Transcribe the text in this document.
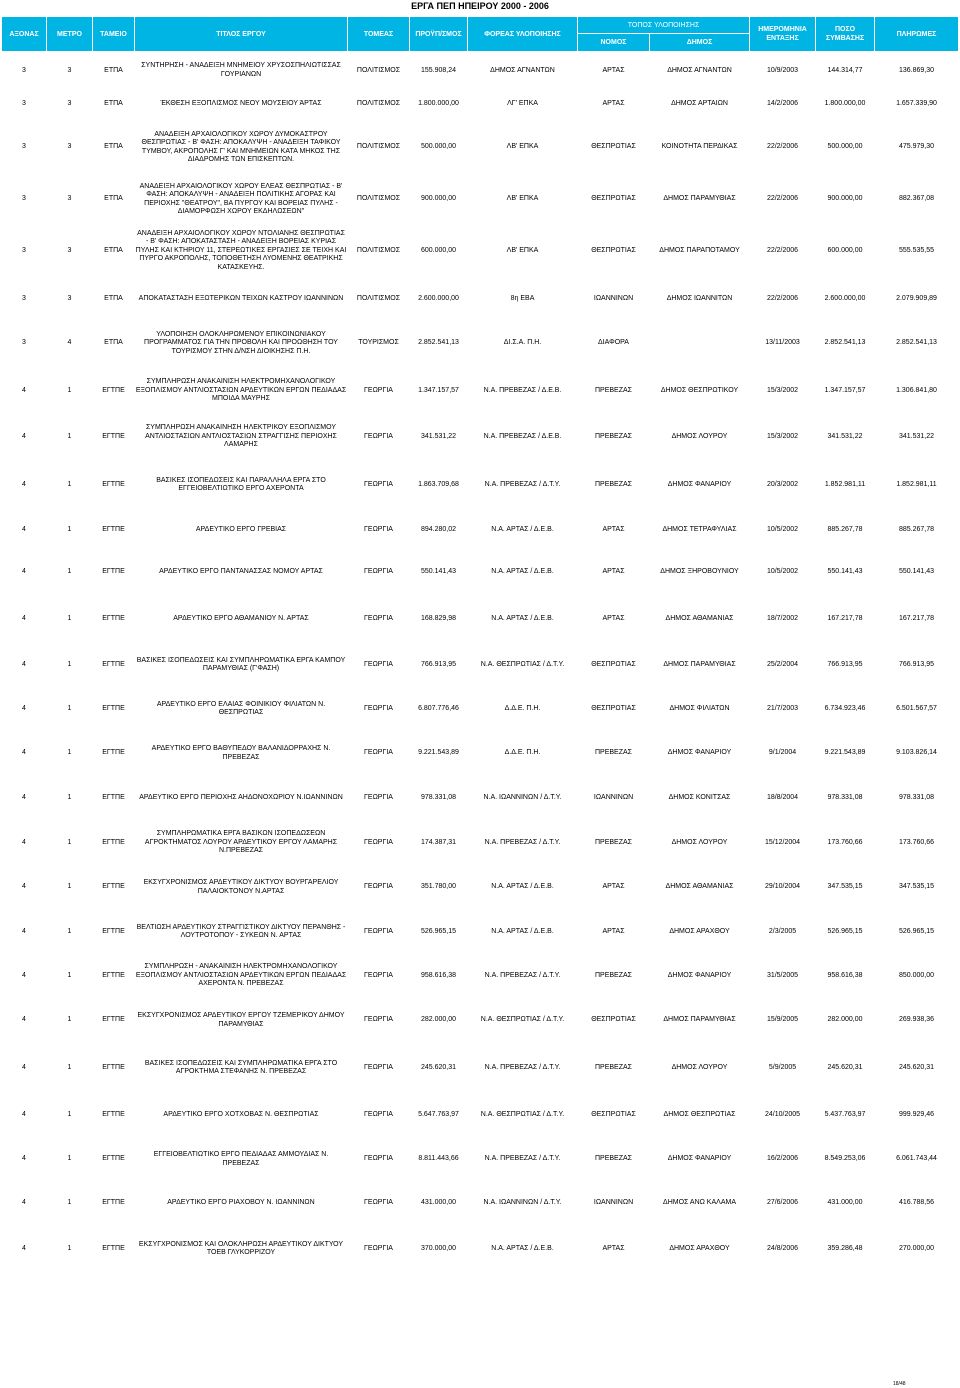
ΕΡΓΑ ΠΕΠ ΗΠΕΙΡΟΥ 2000 - 2006
ΑΞΟΝΑΣ	ΜΕΤΡΟ	ΤΑΜΕΙΟ	ΤΙΤΛΟΣ ΕΡΓΟΥ	ΤΟΜΕΑΣ	ΠΡΟΫΠ/ΣΜΟΣ	ΦΟΡΕΑΣ ΥΛΟΠΟΙΗΣΗΣ	ΤΟΠΟΣ ΥΛΟΠΟΙΗΣΗΣ		ΗΜΕΡΟΜΗΝΙΑ ΕΝΤΑΞΗΣ	ΠΟΣΟ ΣΥΜΒΑΣΗΣ	ΠΛΗΡΩΜΕΣ
							ΝΟΜΟΣ	ΔΗΜΟΣ			
3	3	ΕΤΠΑ	ΣΥΝΤΗΡΗΣΗ - ΑΝΑΔΕΙΞΗ ΜΝΗΜΕΙΟΥ ΧΡΥΣΟΣΠΗΛΙΩΤΙΣΣΑΣ ΓΟΥΡΙΑΝΩΝ	ΠΟΛΙΤΙΣΜΟΣ	155.908,24	ΔΗΜΟΣ ΑΓΝΑΝΤΩΝ	ΑΡΤΑΣ	ΔΗΜΟΣ ΑΓΝΑΝΤΩΝ	10/9/2003	144.314,77	136.869,30
3	3	ΕΤΠΑ	ΈΚΘΕΣΗ ΕΞΟΠΛΙΣΜΟΣ ΝΕΟΥ ΜΟΥΣΕΙΟΥ ΆΡΤΑΣ	ΠΟΛΙΤΙΣΜΟΣ	1.800.000,00	ΛΓ' ΕΠΚΑ	ΑΡΤΑΣ	ΔΗΜΟΣ ΑΡΤΑΙΩΝ	14/2/2006	1.800.000,00	1.657.339,90
3	3	ΕΤΠΑ	ΑΝΑΔΕΙΞΗ ΑΡΧΑΙΟΛΟΓΙΚΟΥ ΧΩΡΟΥ ΔΥΜΟΚΑΣΤΡΟΥ ΘΕΣΠΡΩΤΙΑΣ - Β' ΦΑΣΗ: ΑΠΟΚΑΛΥΨΗ - ΑΝΑΔΕΙΞΗ ΤΑΦΙΚΟΥ ΤΥΜΒΟΥ, ΑΚΡΟΠΟΛΗΣ Γ' ΚΑΙ ΜΝΗΜΕΙΩΝ ΚΑΤΑ ΜΗΚΟΣ ΤΗΣ ΔΙΑΔΡΟΜΗΣ ΤΩΝ ΕΠΙΣΚΕΠΤΩΝ.	ΠΟΛΙΤΙΣΜΟΣ	500.000,00	ΛΒ' ΕΠΚΑ	ΘΕΣΠΡΩΤΙΑΣ	ΚΟΙΝΟΤΗΤΑ ΠΕΡΔΙΚΑΣ	22/2/2006	500.000,00	475.979,30
3	3	ΕΤΠΑ	ΑΝΑΔΕΙΞΗ ΑΡΧΑΙΟΛΟΓΙΚΟΥ ΧΩΡΟΥ ΕΛΕΑΣ ΘΕΣΠΡΩΤΙΑΣ - Β' ΦΑΣΗ: ΑΠΟΚΑΛΥΨΗ - ΑΝΑΔΕΙΞΗ ΠΟΛΙΤΙΚΗΣ ΑΓΟΡΑΣ ΚΑΙ ΠΕΡΙΟΧΗΣ "ΘΕΑΤΡΟΥ", ΒΑ ΠΥΡΓΟΥ ΚΑΙ ΒΟΡΕΙΑΣ ΠΥΛΗΣ - ΔΙΑΜΟΡΦΩΣΗ ΧΩΡΟΥ ΕΚΔΗΛΩΣΕΩΝ"	ΠΟΛΙΤΙΣΜΟΣ	900.000,00	ΛΒ' ΕΠΚΑ	ΘΕΣΠΡΩΤΙΑΣ	ΔΗΜΟΣ ΠΑΡΑΜΥΘΙΑΣ	22/2/2006	900.000,00	882.367,08
3	3	ΕΤΠΑ	ΑΝΑΔΕΙΞΗ ΑΡΧΑΙΟΛΟΓΙΚΟΥ ΧΩΡΟΥ ΝΤΟΛΙΑΝΗΣ ΘΕΣΠΡΩΤΙΑΣ - Β' ΦΑΣΗ: ΑΠΟΚΑΤΑΣΤΑΣΗ - ΑΝΑΔΕΙΞΗ ΒΟΡΕΙΑΣ ΚΥΡΙΑΣ ΠΥΛΗΣ ΚΑΙ ΚΤΗΡΙΟΥ 11, ΣΤΕΡΕΩΤΙΚΕΣ ΕΡΓΑΣΙΕΣ ΣΕ ΤΕΙΧΗ ΚΑΙ ΠΥΡΓΟ ΑΚΡΟΠΟΛΗΣ, ΤΟΠΟΘΕΤΗΣΗ ΛΥΟΜΕΝΗΣ ΘΕΑΤΡΙΚΗΣ ΚΑΤΑΣΚΕΥΗΣ.	ΠΟΛΙΤΙΣΜΟΣ	600.000,00	ΛΒ' ΕΠΚΑ	ΘΕΣΠΡΩΤΙΑΣ	ΔΗΜΟΣ ΠΑΡΑΠΟΤΑΜΟΥ	22/2/2006	600.000,00	555.535,55
3	3	ΕΤΠΑ	ΑΠΟΚΑΤΑΣΤΑΣΗ ΕΞΩΤΕΡΙΚΩΝ ΤΕΙΧΩΝ ΚΑΣΤΡΟΥ ΙΩΑΝΝΙΝΩΝ	ΠΟΛΙΤΙΣΜΟΣ	2.600.000,00	8η ΕΒΑ	ΙΩΑΝΝΙΝΩΝ	ΔΗΜΟΣ ΙΩΑΝΝΙΤΩΝ	22/2/2006	2.600.000,00	2.079.909,89
3	4	ΕΤΠΑ	ΥΛΟΠΟΙΗΣΗ ΟΛΟΚΛΗΡΩΜΕΝΟΥ ΕΠΙΚΟΙΝΩΝΙΑΚΟΥ ΠΡΟΓΡΑΜΜΑΤΟΣ ΓΙΑ ΤΗΝ ΠΡΟΒΟΛΗ ΚΑΙ ΠΡΟΩΘΗΣΗ ΤΟΥ ΤΟΥΡΙΣΜΟΥ ΣΤΗΝ Δ/ΝΣΗ ΔΙΟΙΚΗΣΗΣ Π.Η.	ΤΟΥΡΙΣΜΟΣ	2.852.541,13	ΔΙ.Σ.Α. Π.Η.	ΔΙΑΦΟΡΑ		13/11/2003	2.852.541,13	2.852.541,13
4	1	ΕΓΤΠΕ	ΣΥΜΠΛΗΡΩΣΗ ΑΝΑΚΑΙΝΙΣΗ ΗΛΕΚΤΡΟΜΗΧΑΝΟΛΟΓΙΚΟΥ ΕΞΟΠΛΙΣΜΟΥ ΑΝΤΛΙΟΣΤΑΣΙΩΝ ΑΡΔΕΥΤΙΚΩΝ ΕΡΓΩΝ ΠΕΔΙΑΔΑΣ ΜΠΟΙΔΑ ΜΑΥΡΗΣ	ΓΕΩΡΓΙΑ	1.347.157,57	Ν.Α. ΠΡΕΒΕΖΑΣ / Δ.Ε.Β.	ΠΡΕΒΕΖΑΣ	ΔΗΜΟΣ ΘΕΣΠΡΩΤΙΚΟΥ	15/3/2002	1.347.157,57	1.306.841,80
4	1	ΕΓΤΠΕ	ΣΥΜΠΛΗΡΩΣΗ ΑΝΑΚΑΙΝΗΣΗ ΗΛΕΚΤΡΙΚΟΥ ΕΞΟΠΛΙΣΜΟΥ ΑΝΤΛΙΟΣΤΑΣΙΩΝ ΑΝΤΛΙΟΣΤΑΣΙΩΝ ΣΤΡΑΓΓΙΣΗΣ ΠΕΡΙΟΧΗΣ ΛΑΜΑΡΗΣ	ΓΕΩΡΓΙΑ	341.531,22	Ν.Α. ΠΡΕΒΕΖΑΣ / Δ.Ε.Β.	ΠΡΕΒΕΖΑΣ	ΔΗΜΟΣ ΛΟΥΡΟΥ	15/3/2002	341.531,22	341.531,22
4	1	ΕΓΤΠΕ	ΒΑΣΙΚΕΣ ΙΣΟΠΕΔΩΣΕΙΣ ΚΑΙ ΠΑΡΑΛΛΗΛΑ ΕΡΓΑ ΣΤΟ ΕΓΓΕΙΟΒΕΛΤΙΩΤΙΚΟ ΕΡΓΟ ΑΧΕΡΟΝΤΑ	ΓΕΩΡΓΙΑ	1.863.709,68	Ν.Α. ΠΡΕΒΕΖΑΣ / Δ.Τ.Υ.	ΠΡΕΒΕΖΑΣ	ΔΗΜΟΣ ΦΑΝΑΡΙΟΥ	20/3/2002	1.852.981,11	1.852.981,11
4	1	ΕΓΤΠΕ	ΑΡΔΕΥΤΙΚΟ ΕΡΓΟ ΓΡΕΒΙΑΣ	ΓΕΩΡΓΙΑ	894.280,02	Ν.Α. ΑΡΤΑΣ / Δ.Ε.Β.	ΑΡΤΑΣ	ΔΗΜΟΣ ΤΕΤΡΑΦΥΛΙΑΣ	10/5/2002	885.267,78	885.267,78
4	1	ΕΓΤΠΕ	ΑΡΔΕΥΤΙΚΟ ΕΡΓΟ ΠΑΝΤΑΝΑΣΣΑΣ ΝΟΜΟΥ ΑΡΤΑΣ	ΓΕΩΡΓΙΑ	550.141,43	Ν.Α. ΑΡΤΑΣ / Δ.Ε.Β.	ΑΡΤΑΣ	ΔΗΜΟΣ ΞΗΡΟΒΟΥΝΙΟΥ	10/5/2002	550.141,43	550.141,43
4	1	ΕΓΤΠΕ	ΑΡΔΕΥΤΙΚΟ ΕΡΓΟ ΑΘΑΜΑΝΙΟΥ Ν. ΑΡΤΑΣ	ΓΕΩΡΓΙΑ	168.829,98	Ν.Α. ΑΡΤΑΣ / Δ.Ε.Β.	ΑΡΤΑΣ	ΔΗΜΟΣ ΑΘΑΜΑΝΙΑΣ	18/7/2002	167.217,78	167.217,78
4	1	ΕΓΤΠΕ	ΒΑΣΙΚΕΣ ΙΣΟΠΕΔΩΣΕΙΣ ΚΑΙ ΣΥΜΠΛΗΡΩΜΑΤΙΚΑ ΕΡΓΑ ΚΑΜΠΟΥ ΠΑΡΑΜΥΘΙΑΣ (Γ'ΦΑΣΗ)	ΓΕΩΡΓΙΑ	766.913,95	Ν.Α. ΘΕΣΠΡΩΤΙΑΣ / Δ.Τ.Υ.	ΘΕΣΠΡΩΤΙΑΣ	ΔΗΜΟΣ ΠΑΡΑΜΥΘΙΑΣ	25/2/2004	766.913,95	766.913,95
4	1	ΕΓΤΠΕ	ΑΡΔΕΥΤΙΚΟ ΕΡΓΟ ΕΛΑΙΑΣ ΦΟΙΝΙΚΙΟΥ ΦΙΛΙΑΤΩΝ Ν. ΘΕΣΠΡΩΤΙΑΣ	ΓΕΩΡΓΙΑ	6.807.776,46	Δ.Δ.Ε. Π.Η.	ΘΕΣΠΡΩΤΙΑΣ	ΔΗΜΟΣ ΦΙΛΙΑΤΩΝ	21/7/2003	6.734.923,46	6.501.567,57
4	1	ΕΓΤΠΕ	ΑΡΔΕΥΤΙΚΟ ΕΡΓΟ ΒΑΘΥΠΕΔΟΥ ΒΑΛΑΝΙΔΟΡΡΑΧΗΣ Ν. ΠΡΕΒΕΖΑΣ	ΓΕΩΡΓΙΑ	9.221.543,89	Δ.Δ.Ε. Π.Η.	ΠΡΕΒΕΖΑΣ	ΔΗΜΟΣ ΦΑΝΑΡΙΟΥ	9/1/2004	9.221.543,89	9.103.826,14
4	1	ΕΓΤΠΕ	ΑΡΔΕΥΤΙΚΟ ΕΡΓΟ ΠΕΡΙΟΧΗΣ ΑΗΔΟΝΟΧΩΡΙΟΥ Ν.ΙΩΑΝΝΙΝΩΝ	ΓΕΩΡΓΙΑ	978.331,08	Ν.Α. ΙΩΑΝΝΙΝΩΝ / Δ.Τ.Υ.	ΙΩΑΝΝΙΝΩΝ	ΔΗΜΟΣ ΚΟΝΙΤΣΑΣ	18/8/2004	978.331,08	978.331,08
4	1	ΕΓΤΠΕ	ΣΥΜΠΛΗΡΩΜΑΤΙΚΑ ΕΡΓΑ ΒΑΣΙΚΩΝ ΙΣΟΠΕΔΩΣΕΩΝ ΑΓΡΟΚΤΗΜΑΤΟΣ ΛΟΥΡΟΥ ΑΡΔΕΥΤΙΚΟΥ ΕΡΓΟΥ ΛΑΜΑΡΗΣ Ν.ΠΡΕΒΕΖΑΣ	ΓΕΩΡΓΙΑ	174.387,31	Ν.Α. ΠΡΕΒΕΖΑΣ / Δ.Τ.Υ.	ΠΡΕΒΕΖΑΣ	ΔΗΜΟΣ ΛΟΥΡΟΥ	15/12/2004	173.760,66	173.760,66
4	1	ΕΓΤΠΕ	ΕΚΣΥΓΧΡΟΝΙΣΜΟΣ ΑΡΔΕΥΤΙΚΟΥ ΔΙΚΤΥΟΥ ΒΟΥΡΓΑΡΕΛΙΟΥ ΠΑΛΑΙΟΚΤΟΝΟΥ Ν.ΑΡΤΑΣ	ΓΕΩΡΓΙΑ	351.780,00	Ν.Α. ΑΡΤΑΣ / Δ.Ε.Β.	ΑΡΤΑΣ	ΔΗΜΟΣ ΑΘΑΜΑΝΙΑΣ	29/10/2004	347.535,15	347.535,15
4	1	ΕΓΤΠΕ	ΒΕΛΤΙΩΣΗ ΑΡΔΕΥΤΙΚΟΥ ΣΤΡΑΓΓΙΣΤΙΚΟΥ ΔΙΚΤΥΟΥ ΠΕΡΑΝΘΗΣ - ΛΟΥΤΡΟΤΟΠΟΥ - ΣΥΚΕΩΝ Ν. ΑΡΤΑΣ	ΓΕΩΡΓΙΑ	526.965,15	Ν.Α. ΑΡΤΑΣ / Δ.Ε.Β.	ΑΡΤΑΣ	ΔΗΜΟΣ ΑΡΑΧΘΟΥ	2/3/2005	526.965,15	526.965,15
4	1	ΕΓΤΠΕ	ΣΥΜΠΛΗΡΩΣΗ - ΑΝΑΚΑΙΝΙΣΗ ΗΛΕΚΤΡΟΜΗΧΑΝΟΛΟΓΙΚΟΥ ΕΞΟΠΛΙΣΜΟΥ ΑΝΤΛΙΟΣΤΑΣΙΩΝ ΑΡΔΕΥΤΙΚΩΝ ΕΡΓΩΝ ΠΕΔΙΑΔΑΣ ΑΧΕΡΟΝΤΑ Ν. ΠΡΕΒΕΖΑΣ	ΓΕΩΡΓΙΑ	958.616,38	Ν.Α. ΠΡΕΒΕΖΑΣ / Δ.Τ.Υ.	ΠΡΕΒΕΖΑΣ	ΔΗΜΟΣ ΦΑΝΑΡΙΟΥ	31/5/2005	958.616,38	850.000,00
4	1	ΕΓΤΠΕ	ΕΚΣΥΓΧΡΟΝΙΣΜΟΣ ΑΡΔΕΥΤΙΚΟΥ ΕΡΓΟΥ ΤΖΕΜΕΡΙΚΟΥ ΔΗΜΟΥ ΠΑΡΑΜΥΘΙΑΣ	ΓΕΩΡΓΙΑ	282.000,00	Ν.Α. ΘΕΣΠΡΩΤΙΑΣ / Δ.Τ.Υ.	ΘΕΣΠΡΩΤΙΑΣ	ΔΗΜΟΣ ΠΑΡΑΜΥΘΙΑΣ	15/9/2005	282.000,00	269.938,36
4	1	ΕΓΤΠΕ	ΒΑΣΙΚΕΣ ΙΣΟΠΕΔΩΣΕΙΣ ΚΑΙ ΣΥΜΠΛΗΡΩΜΑΤΙΚΑ ΕΡΓΑ ΣΤΟ ΑΓΡΟΚΤΗΜΑ ΣΤΕΦΑΝΗΣ Ν. ΠΡΕΒΕΖΑΣ	ΓΕΩΡΓΙΑ	245.620,31	Ν.Α. ΠΡΕΒΕΖΑΣ / Δ.Τ.Υ.	ΠΡΕΒΕΖΑΣ	ΔΗΜΟΣ ΛΟΥΡΟΥ	5/9/2005	245.620,31	245.620,31
4	1	ΕΓΤΠΕ	ΑΡΔΕΥΤΙΚΟ ΕΡΓΟ ΧΟΤΧΟΒΑΣ Ν. ΘΕΣΠΡΩΤΙΑΣ	ΓΕΩΡΓΙΑ	5.647.763,97	Ν.Α. ΘΕΣΠΡΩΤΙΑΣ / Δ.Τ.Υ.	ΘΕΣΠΡΩΤΙΑΣ	ΔΗΜΟΣ ΘΕΣΠΡΩΤΙΑΣ	24/10/2005	5.437.763,97	999.929,46
4	1	ΕΓΤΠΕ	ΕΓΓΕΙΟΒΕΛΤΙΩΤΙΚΟ ΕΡΓΟ ΠΕΔΙΑΔΑΣ ΑΜΜΟΥΔΙΑΣ Ν. ΠΡΕΒΕΖΑΣ	ΓΕΩΡΓΙΑ	8.811.443,66	Ν.Α. ΠΡΕΒΕΖΑΣ / Δ.Τ.Υ.	ΠΡΕΒΕΖΑΣ	ΔΗΜΟΣ ΦΑΝΑΡΙΟΥ	16/2/2006	8.549.253,06	6.061.743,44
4	1	ΕΓΤΠΕ	ΑΡΔΕΥΤΙΚΟ ΕΡΓΟ ΡΙΑΧΟΒΟΥ Ν. ΙΩΑΝΝΙΝΩΝ	ΓΕΩΡΓΙΑ	431.000,00	Ν.Α. ΙΩΑΝΝΙΝΩΝ / Δ.Τ.Υ.	ΙΩΑΝΝΙΝΩΝ	ΔΗΜΟΣ ΑΝΩ ΚΑΛΑΜΑ	27/6/2006	431.000,00	416.788,56
4	1	ΕΓΤΠΕ	ΕΚΣΥΓΧΡΟΝΙΣΜΟΣ ΚΑΙ ΟΛΟΚΛΗΡΩΣΗ ΑΡΔΕΥΤΙΚΟΥ ΔΙΚΤΥΟΥ ΤΟΕΒ ΓΛΥΚΟΡΡΙΖΟΥ	ΓΕΩΡΓΙΑ	370.000,00	Ν.Α. ΑΡΤΑΣ / Δ.Ε.Β.	ΑΡΤΑΣ	ΔΗΜΟΣ ΑΡΑΧΘΟΥ	24/8/2006	359.286,48	270.000,00
18/48
